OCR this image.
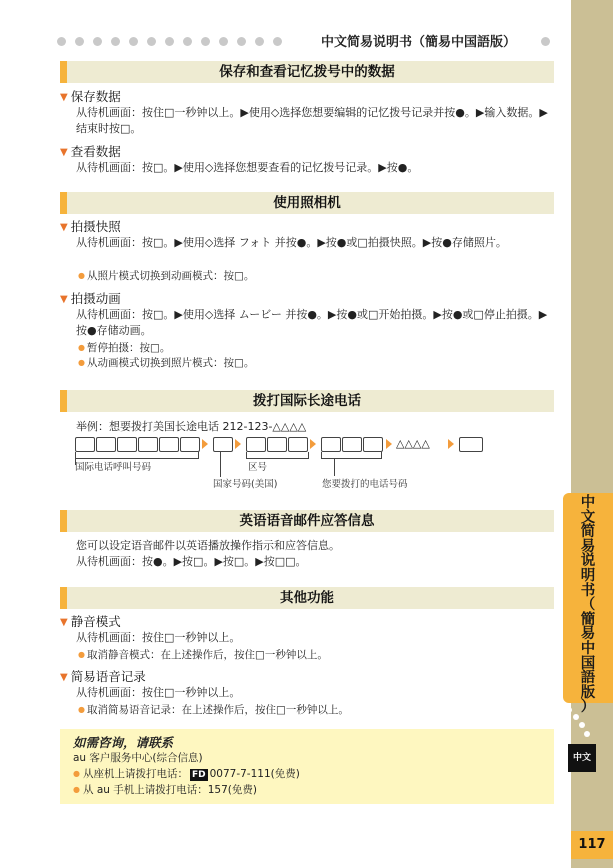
中
文
简
易
说
明
书
（
簡
易
中
国
語
版
）
中文
117
中文简易说明书（簡易中国語版）
保存和查看记忆拨号中的数据
▼ 保存数据
从待机画面：按住□一秒钟以上。▶使用◇选择您想要编辑的记忆拨号记录并按●。▶输入数据。▶结束时按□。
▼ 查看数据
从待机画面：按□。▶使用◇选择您想要查看的记忆拨号记录。▶按●。
使用照相机
▼ 拍摄快照
从待机画面：按□。▶使用◇选择 フォト 并按●。▶按●或□拍摄快照。▶按●存储照片。
● 从照片模式切换到动画模式：按□。
▼ 拍摄动画
从待机画面：按□。▶使用◇选择 ムービー 并按●。▶按●或□开始拍摄。▶按●或□停止拍摄。▶按●存储动画。
● 暂停拍摄：按□。
● 从动画模式切换到照片模式：按□。
拨打国际长途电话
举例：想要拨打美国长途电话 212-123-△△△△
△△△△
国际电话呼叫号码	区号
国家号码(美国)	您要拨打的电话号码
英语语音邮件应答信息
您可以设定语音邮件以英语播放操作指示和应答信息。
从待机画面：按●。▶按□。▶按□。▶按□□。
其他功能
▼ 静音模式
从待机画面：按住□一秒钟以上。
● 取消静音模式：在上述操作后，按住□一秒钟以上。
▼ 简易语音记录
从待机画面：按住□一秒钟以上。
● 取消简易语音记录：在上述操作后，按住□一秒钟以上。
如需咨询，请联系
au 客户服务中心(综合信息)
● 从座机上请拨打电话： FD 0077-7-111(免费)
● 从 au 手机上请拨打电话：157(免费)
